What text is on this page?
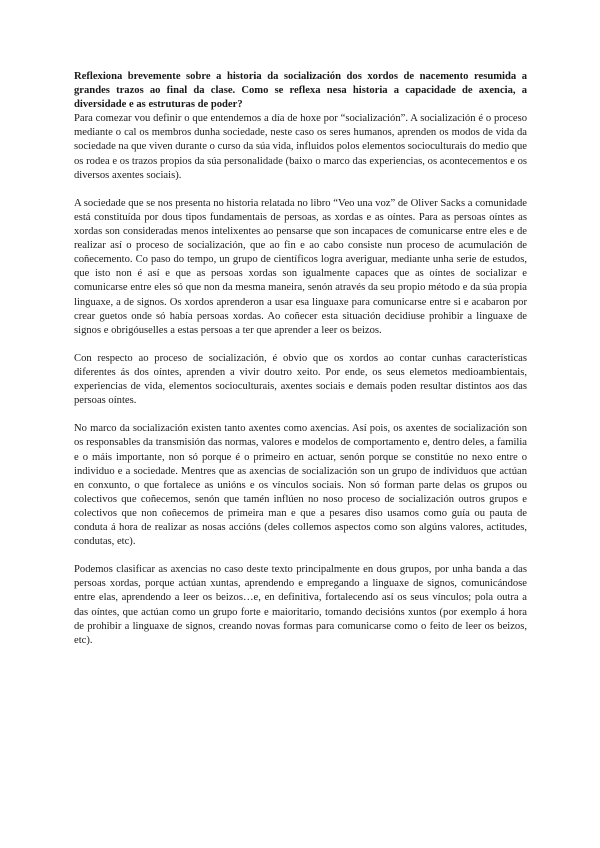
Reflexiona brevemente sobre a historia da socialización dos xordos de nacemento resumida a grandes trazos ao final da clase. Como se reflexa nesa historia a capacidade de axencia, a diversidade e as estruturas de poder?

Para comezar vou definir o que entendemos a día de hoxe por “socialización”. A socialización é o proceso mediante o cal os membros dunha sociedade, neste caso os seres humanos, aprenden os modos de vida da sociedade na que viven durante o curso da súa vida, influidos polos elementos socioculturais do medio que os rodea e os trazos propios da súa personalidade (baixo o marco das experiencias, os acontecementos e os diversos axentes sociais).

A sociedade que se nos presenta no historia relatada no libro “Veo una voz” de Oliver Sacks a comunidade está constituída por dous tipos fundamentais de persoas, as xordas e as oíntes. Para as persoas oíntes as xordas son consideradas menos intelixentes ao pensarse que son incapaces de comunicarse entre eles e de realizar así o proceso de socialización, que ao fin e ao cabo consiste nun proceso de acumulación de coñecemento. Co paso do tempo, un grupo de científicos logra averiguar, mediante unha serie de estudos, que isto non é así e que as persoas xordas son igualmente capaces que as oíntes de socializar e comunicarse entre eles só que non da mesma maneira, senón através da seu propio método e da súa propia linguaxe, a de signos. Os xordos aprenderon a usar esa linguaxe para comunicarse entre si e acabaron por crear guetos onde só había persoas xordas. Ao coñecer esta situación decidiuse prohibir a linguaxe de signos e obrigóuselles a estas persoas a ter que aprender a leer os beizos.

Con respecto ao proceso de socialización, é obvio que os xordos ao contar cunhas características diferentes ás dos oíntes, aprenden a vivir doutro xeito. Por ende, os seus elemetos medioambientais, experiencias de vida, elementos socioculturais, axentes sociais e demais poden resultar distintos aos das persoas oíntes.

No marco da socialización existen tanto axentes como axencias. Así pois, os axentes de socialización son os responsables da transmisión das normas, valores e modelos de comportamento e, dentro deles, a familia e o máis importante, non só porque é o primeiro en actuar, senón porque se constitúe no nexo entre o individuo e a sociedade. Mentres que as axencias de socialización son un grupo de individuos que actúan en conxunto, o que fortalece as unións e os vínculos sociais. Non só forman parte delas os grupos ou colectivos que coñecemos, senón que tamén inflúen no noso proceso de socialización outros grupos e colectivos que non coñecemos de primeira man e que a pesares diso usamos como guía ou pauta de conduta á hora de realizar as nosas accións (deles collemos aspectos como son algúns valores, actitudes, condutas, etc).

Podemos clasificar as axencias no caso deste texto principalmente en dous grupos, por unha banda a das persoas xordas, porque actúan xuntas, aprendendo e empregando a linguaxe de signos, comunicándose entre elas, aprendendo a leer os beizos…e, en definitiva, fortalecendo así os seus vínculos; pola outra a das oíntes, que actúan como un grupo forte e maioritario, tomando decisións xuntos (por exemplo á hora de prohibir a linguaxe de signos, creando novas formas para comunicarse como o feito de leer os beizos, etc).
